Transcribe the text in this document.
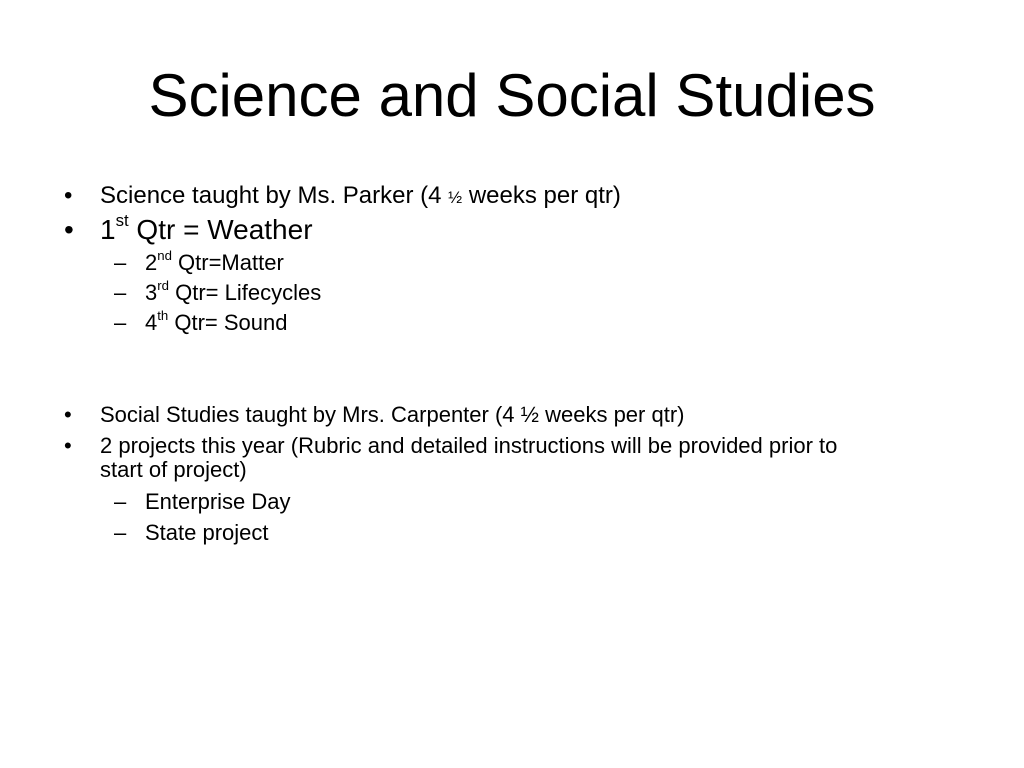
Science and Social Studies
• Science taught by Ms. Parker (4 ½ weeks per qtr)
• 1st Qtr = Weather
– 2nd Qtr=Matter
– 3rd Qtr= Lifecycles
– 4th Qtr= Sound
• Social Studies taught by Mrs. Carpenter (4 ½ weeks per qtr)
• 2 projects this year (Rubric and detailed instructions will be provided prior to
start of project)
– Enterprise Day
– State project
